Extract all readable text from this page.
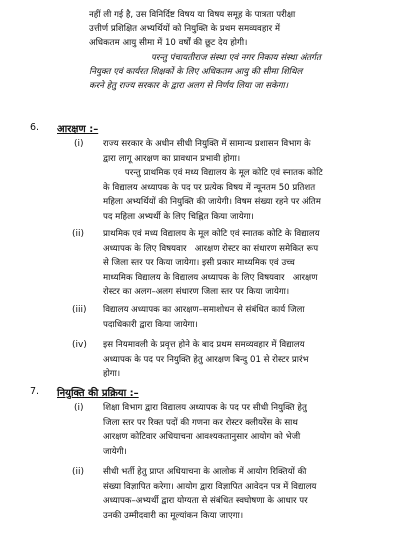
नहीं ली गई है, उस विनिर्दिष्ट विषय या विषय समूह के पात्रता परीक्षा
उत्तीर्ण प्रशिक्षित अभ्यर्थियों को नियुक्ति के प्रथम समव्यवहार में
अधिकतम आयु सीमा में 10 वर्षों की छूट देय होगी।
परन्तु पंचायतीराज संस्था एवं नगर निकाय संस्था अंतर्गत
नियुक्त एवं कार्यरत शिक्षकों के लिए अधिकतम आयु की सीमा शिथिल
करने हेतु राज्य सरकार के द्वारा अलग से निर्णय लिया जा सकेगा।
6. आरक्षण :–
(i) राज्य सरकार के अधीन सीधी नियुक्ति में सामान्य प्रशासन विभाग के
द्वारा लागू आरक्षण का प्रावधान प्रभावी होगा।
परन्तु प्राथमिक एवं मध्य विद्यालय के मूल कोटि एवं स्नातक कोटि
के विद्यालय अध्यापक के पद पर प्रत्येक विषय में न्यूनतम 50 प्रतिशत
महिला अभ्यर्थियों की नियुक्ति की जायेगी। विषम संख्या रहने पर अंतिम
पद महिला अभ्यर्थी के लिए चिह्नित किया जायेगा।
(ii) प्राथमिक एवं मध्य विद्यालय के मूल कोटि एवं स्नातक कोटि के विद्यालय
अध्यापक के लिए विषयवार   आरक्षण रोस्टर का संधारण समेकित रूप
से जिला स्तर पर किया जायेगा। इसी प्रकार माध्यमिक एवं उच्च
माध्यमिक विद्यालय के विद्यालय अध्यापक के लिए विषयवार   आरक्षण
रोस्टर का अलग–अलग संधारण जिला स्तर पर किया जायेगा।
(iii) विद्यालय अध्यापक का आरक्षण–समाशोधन से संबंधित कार्य जिला
पदाधिकारी द्वारा किया जायेगा।
(iv) इस नियमावली के प्रवृत्त होने के बाद प्रथम समव्यवहार में विद्यालय
अध्यापक के पद पर नियुक्ति हेतु आरक्षण बिन्दु 01 से रोस्टर प्रारंभ
होगा।
7. नियुक्ति की प्रक्रिया :–
(i) शिक्षा विभाग द्वारा विद्यालय अध्यापक के पद पर सीधी नियुक्ति हेतु
जिला स्तर पर रिक्त पदों की गणना कर रोस्टर क्लीयरेंस के साथ
आरक्षण कोटिवार अधियाचना आवश्यकतानुसार आयोग को भेजी
जायेगी।
(ii) सीधी भर्ती हेतु प्राप्त अधियाचना के आलोक में आयोग रिक्तियों की
संख्या विज्ञापित करेगा। आयोग द्वारा विज्ञापित आवेदन पत्र में विद्यालय
अध्यापक–अभ्यर्थी द्वारा योग्यता से संबंधित स्वघोषणा के आधार पर
उनकी उम्मीदवारी का मूल्यांकन किया जाएगा।
